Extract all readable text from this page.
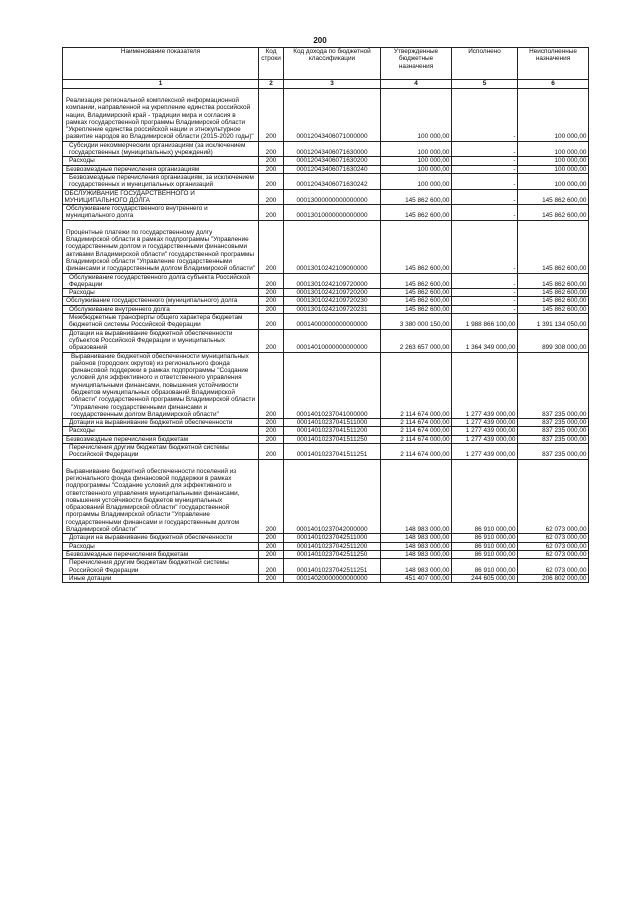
200
Наименование показателя	Код строки	Код дохода по бюджетной классификации	Утвержденные бюджетные назначения	Исполнено	Неисполненные назначения
1	2	3	4	5	6

Реализация региональной комплексной информационной компании, направленной на укрепление единства российской нации, Владимирский край - традиции мира и согласия в рамках государственной программы Владимирской области "Укрепление единства российской нации и этнокультурное развитие народов во Владимирской области (2015-2020 годы)"	200	00012043406071000000	100 000,00	-	100 000,00

Субсидии некоммерческим организациям (за исключением государственных (муниципальных) учреждений)	200	00012043406071630000	100 000,00	-	100 000,00

Расходы	200	00012043406071630200	100 000,00	-	100 000,00

Безвозмездные перечисления организациям	200	00012043406071630240	100 000,00	-	100 000,00

Безвозмездные перечисления организациям, за исключением государственных и муниципальных организаций	200	00012043406071630242	100 000,00	-	100 000,00

ОБСЛУЖИВАНИЕ ГОСУДАРСТВЕННОГО И МУНИЦИПАЛЬНОГО ДОЛГА	200	00013000000000000000	145 862 600,00	-	145 862 600,00

Обслуживание государственного внутреннего и муниципального долга	200	00013010000000000000	145 862 600,00	-	145 862 600,00

Процентные платежи по государственному долгу Владимирской области в рамках подпрограммы "Управление государственным долгом и государственными финансовыми активами Владимирской области" государственной программы Владимирской области "Управление государственными финансами и государственным долгом Владимирской области"	200	00013010242109000000	145 862 600,00	-	145 862 600,00

Обслуживание государственного долга субъекта Российской Федерации	200	00013010242109720000	145 862 600,00	-	145 862 600,00

Расходы	200	00013010242109720200	145 862 600,00	-	145 862 600,00

Обслуживание государственного (муниципального) долга	200	00013010242109720230	145 862 600,00	-	145 862 600,00

Обслуживание внутреннего долга	200	00013010242109720231	145 862 600,00	-	145 862 600,00

Межбюджетные трансферты общего характера бюджетам бюджетной системы Российской Федерации	200	00014000000000000000	3 380 000 150,00	1 988 866 100,00	1 391 134 050,00

Дотации на выравнивание бюджетной обеспеченности субъектов Российской Федерации и муниципальных образований	200	00014010000000000000	2 263 657 000,00	1 364 349 000,00	899 308 000,00

Выравнивание бюджетной обеспеченности муниципальных районов (городских округов) из регионального фонда финансовой поддержки в рамках подпрограммы "Создание условий для эффективного и ответственного управления муниципальными финансами, повышения устойчивости бюджетов муниципальных образований Владимирской области" государственной программы Владимирской области "Управление государственными финансами и государственным долгом Владимирской области"	200	00014010237041000000	2 114 674 000,00	1 277 439 000,00	837 235 000,00

Дотации на выравнивание бюджетной обеспеченности	200	00014010237041511000	2 114 674 000,00	1 277 439 000,00	837 235 000,00

Расходы	200	00014010237041511200	2 114 674 000,00	1 277 439 000,00	837 235 000,00

Безвозмездные перечисления бюджетам	200	00014010237041511250	2 114 674 000,00	1 277 439 000,00	837 235 000,00

Перечисления другим бюджетам бюджетной системы Российской Федерации	200	00014010237041511251	2 114 674 000,00	1 277 439 000,00	837 235 000,00

Выравнивание бюджетной обеспеченности поселений из регионального фонда финансовой поддержки в рамках подпрограммы "Создание условий для эффективного и ответственного управления муниципальными финансами, повышения устойчивости бюджетов муниципальных образований Владимирской области" государственной программы Владимирской области "Управление государственными финансами и государственным долгом Владимирской области"	200	00014010237042000000	148 983 000,00	86 910 000,00	62 073 000,00

Дотации на выравнивание бюджетной обеспеченности	200	00014010237042511000	148 983 000,00	86 910 000,00	62 073 000,00

Расходы	200	00014010237042511200	148 983 000,00	86 910 000,00	62 073 000,00

Безвозмездные перечисления бюджетам	200	00014010237042511250	148 983 000,00	86 910 000,00	62 073 000,00

Перечисления другим бюджетам бюджетной системы Российской Федерации	200	00014010237042511251	148 983 000,00	86 910 000,00	62 073 000,00

Иные дотации	200	00014020000000000000	451 407 000,00	244 605 000,00	206 802 000,00
